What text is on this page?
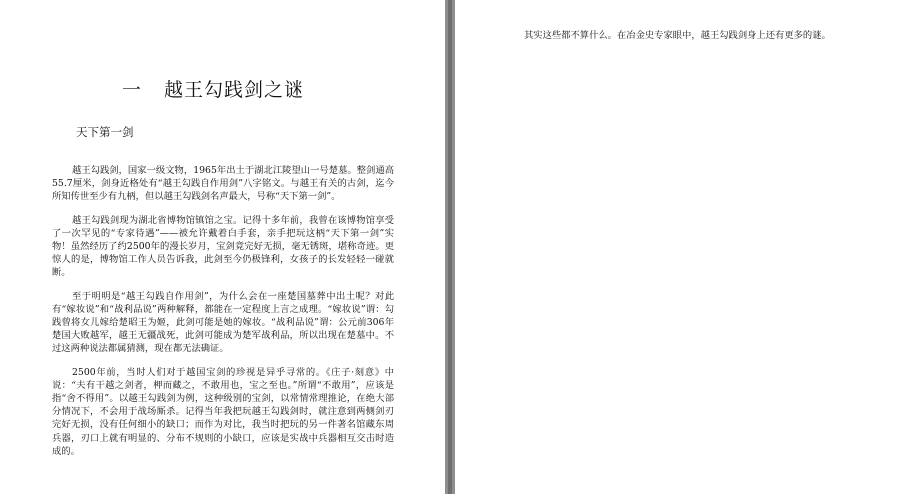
一 越王勾践剑之谜
天下第一剑

越王勾践剑，国家一级文物，1965年出土于湖北江陵望山一号楚墓。整剑通高55.7厘米，剑身近格处有“越王勾践自作用剑”八字铭文。与越王有关的古剑，迄今所知传世至少有九柄，但以越王勾践剑名声最大，号称“天下第一剑”。

越王勾践剑现为湖北省博物馆镇馆之宝。记得十多年前，我曾在该博物馆享受了一次罕见的“专家待遇”——被允许戴着白手套，亲手把玩这柄“天下第一剑”实物！虽然经历了约2500年的漫长岁月，宝剑竟完好无损，毫无锈斑，堪称奇迹。更惊人的是，博物馆工作人员告诉我，此剑至今仍极锋利，女孩子的长发轻轻一碰就断。

至于明明是“越王勾践自作用剑”，为什么会在一座楚国墓葬中出土呢？对此有“嫁妆说”和“战利品说”两种解释，都能在一定程度上言之成理。“嫁妆说”谓：勾践曾将女儿嫁给楚昭王为姬，此剑可能是她的嫁妆。“战利品说”谓：公元前306年楚国大败越军，越王无疆战死，此剑可能成为楚军战利品，所以出现在楚墓中。不过这两种说法都属猜测，现在都无法确证。

2500年前，当时人们对于越国宝剑的珍视是异乎寻常的。《庄子·刻意》中说：“夫有干越之剑者，柙而藏之，不敢用也，宝之至也。”所谓“不敢用”，应该是指“舍不得用”。以越王勾践剑为例，这种级别的宝剑，以常情常理推论，在绝大部分情况下，不会用于战场厮杀。记得当年我把玩越王勾践剑时，就注意到两侧剑刃完好无损，没有任何细小的缺口；而作为对比，我当时把玩的另一件著名馆藏东周兵器，刃口上就有明显的、分布不规则的小缺口，应该是实战中兵器相互交击时造成的。

其实这些都不算什么。在冶金史专家眼中，越王勾践剑身上还有更多的谜。
